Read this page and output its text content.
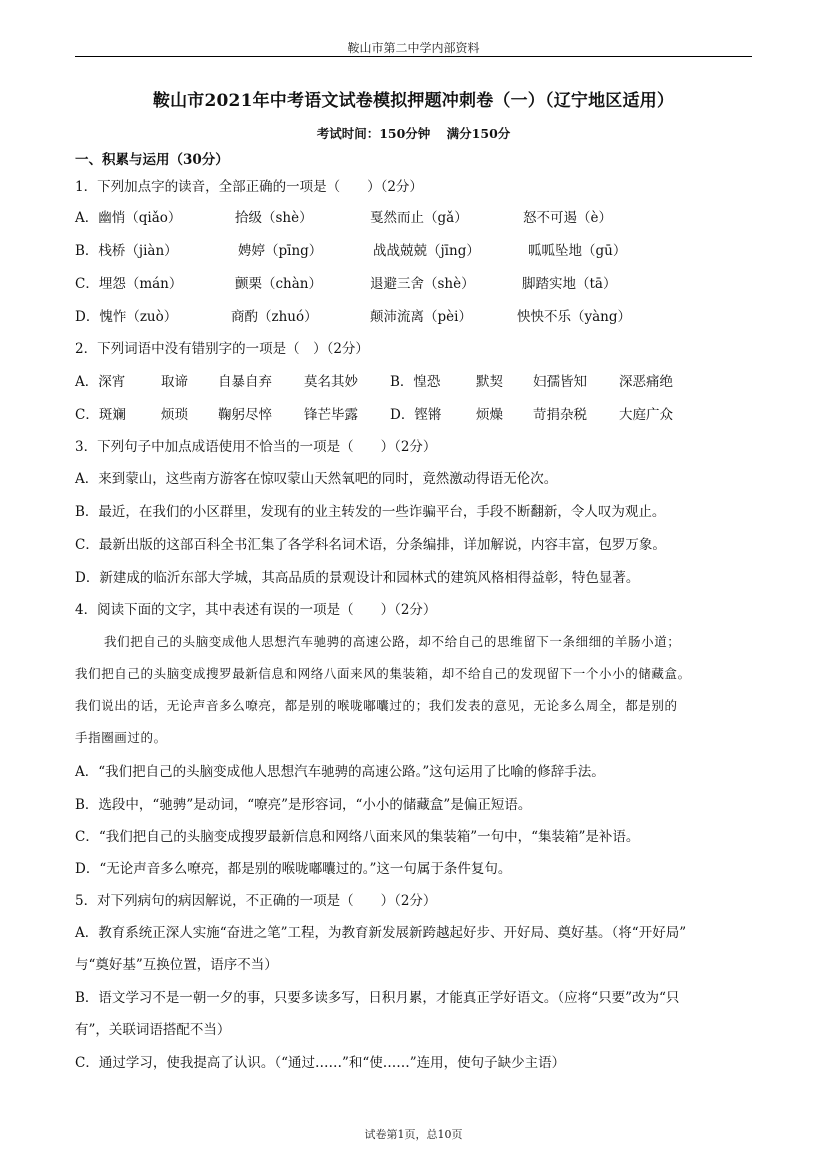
鞍山市第二中学内部资料
鞍山市2021年中考语文试卷模拟押题冲刺卷（一）（辽宁地区适用）
考试时间：150分钟 满分150分
一、积累与运用（30分）
1．下列加点字的读音，全部正确的一项是（　　）（2分）
A．幽悄（qiǎo）	拾级（shè）	戛然而止（gǎ）	怒不可遏（è）
B．栈桥（jiàn）	娉婷（pīng）	战战兢兢（jīng）	呱呱坠地（gū）
C．埋怨（mán）	颤栗（chàn）	退避三舍（shè）	脚踏实地（tā）
D．愧怍（zuò）	商酌（zhuó）	颠沛流离（pèi）	怏怏不乐（yàng）
2．下列词语中没有错别字的一项是（　）（2分）
A．深宵	取谛 自暴自弃 莫名其妙 B．惶恐	默契 妇孺皆知 深恶痛绝
C．斑斓	烦琐 鞠躬尽悴 锋芒毕露 D．铿锵	烦燥 苛捐杂税 大庭广众
3．下列句子中加点成语使用不恰当的一项是（　　）（2分）
A．来到蒙山，这些南方游客在惊叹蒙山天然氧吧的同时，竟然激动得语无伦次。
B．最近，在我们的小区群里，发现有的业主转发的一些诈骗平台，手段不断翻新，令人叹为观止。
C．最新出版的这部百科全书汇集了各学科名词术语，分条编排，详加解说，内容丰富，包罗万象。
D．新建成的临沂东部大学城，其高品质的景观设计和园林式的建筑风格相得益彰，特色显著。
4．阅读下面的文字，其中表述有误的一项是（　　）（2分）
我们把自己的头脑变成他人思想汽车驰骋的高速公路，却不给自己的思维留下一条细细的羊肠小道；
我们把自己的头脑变成搜罗最新信息和网络八面来风的集装箱，却不给自己的发现留下一个小小的储藏盒。
我们说出的话，无论声音多么嘹亮，都是别的喉咙嘟囔过的；我们发表的意见，无论多么周全，都是别的
手指圈画过的。
A．“我们把自己的头脑变成他人思想汽车驰骋的高速公路。”这句运用了比喻的修辞手法。
B．选段中，“驰骋”是动词，“嘹亮”是形容词，“小小的储藏盒”是偏正短语。
C．“我们把自己的头脑变成搜罗最新信息和网络八面来风的集装箱”一句中，“集装箱”是补语。
D．“无论声音多么嘹亮，都是别的喉咙嘟囔过的。”这一句属于条件复句。
5．对下列病句的病因解说，不正确的一项是（　　）（2分）
A．教育系统正深人实施“奋进之笔”工程，为教育新发展新跨越起好步、开好局、奠好基。（将“开好局”
与“奠好基”互换位置，语序不当）
B．语文学习不是一朝一夕的事，只要多读多写，日积月累，才能真正学好语文。（应将“只要”改为“只
有”，关联词语搭配不当）
C．通过学习，使我提高了认识。（“通过……”和“使……”连用，使句子缺少主语）
试卷第1页，总10页
